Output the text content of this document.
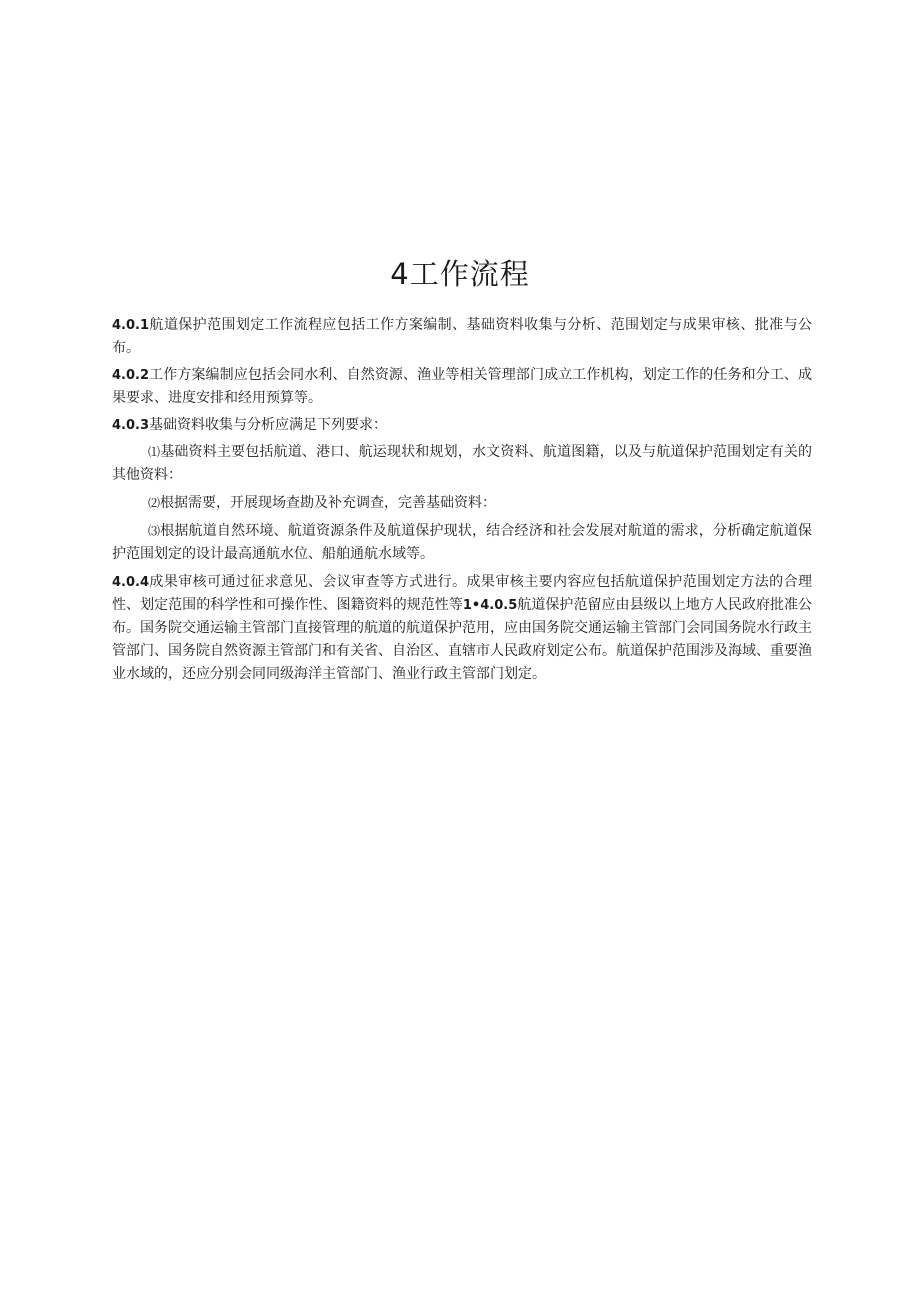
4工作流程

4.0.1航道保护范围划定工作流程应包括工作方案编制、基础资料收集与分析、范围划定与成果审核、批准与公布。

4.0.2工作方案编制应包括会同水利、自然资源、渔业等相关管理部门成立工作机构，划定工作的任务和分工、成果要求、进度安排和经用预算等。

4.0.3基础资料收集与分析应满足下列要求：

⑴基础资料主要包括航道、港口、航运现状和规划，水文资料、航道图籍，以及与航道保护范围划定有关的其他资料：

⑵根据需要，开展现场查勘及补充调查，完善基础资料：

⑶根据航道自然环境、航道资源条件及航道保护现状，结合经济和社会发展对航道的需求，分析确定航道保护范围划定的设计最高通航水位、船舶通航水域等。

4.0.4成果审核可通过征求意见、会议审查等方式进行。成果审核主要内容应包括航道保护范围划定方法的合理性、划定范围的科学性和可操作性、图籍资料的规范性等1•4.0.5航道保护范留应由县级以上地方人民政府批准公布。国务院交通运输主管部门直接管理的航道的航道保护范用，应由国务院交通运输主管部门会同国务院水行政主管部门、国务院自然资源主管部门和有关省、自治区、直辖市人民政府划定公布。航道保护范围涉及海域、重要渔业水域的，还应分别会同同级海洋主管部门、渔业行政主管部门划定。
